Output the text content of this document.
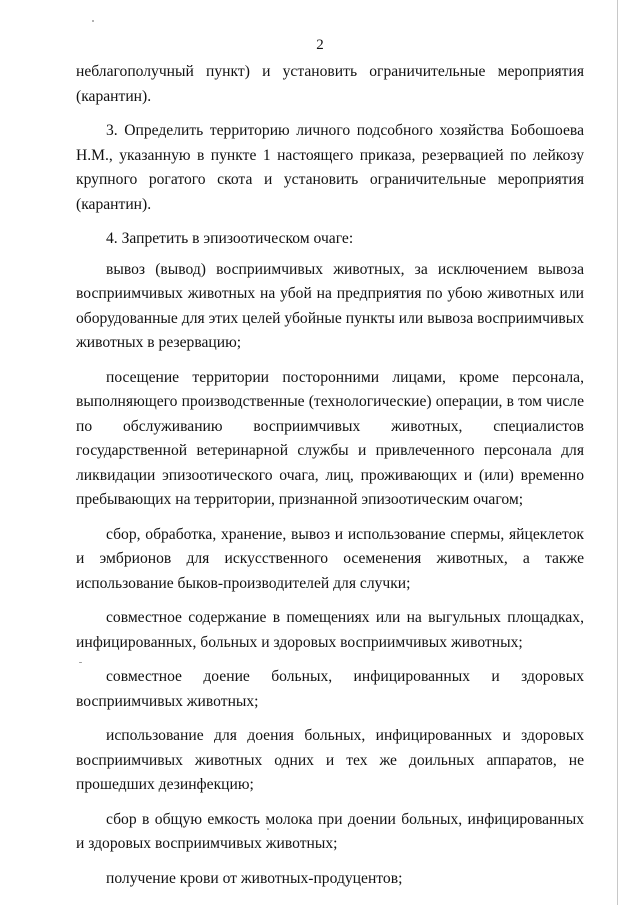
2

неблагополучный пункт) и установить ограничительные мероприятия (карантин).

3. Определить территорию личного подсобного хозяйства Бобошоева Н.М., указанную в пункте 1 настоящего приказа, резервацией по лейкозу крупного рогатого скота и установить ограничительные мероприятия (карантин).

4. Запретить в эпизоотическом очаге:

вывоз (вывод) восприимчивых животных, за исключением вывоза восприимчивых животных на убой на предприятия по убою животных или оборудованные для этих целей убойные пункты или вывоза восприимчивых животных в резервацию;

посещение территории посторонними лицами, кроме персонала, выполняющего производственные (технологические) операции, в том числе по обслуживанию восприимчивых животных, специалистов государственной ветеринарной службы и привлеченного персонала для ликвидации эпизоотического очага, лиц, проживающих и (или) временно пребывающих на территории, признанной эпизоотическим очагом;

сбор, обработка, хранение, вывоз и использование спермы, яйцеклеток и эмбрионов для искусственного осеменения животных, а также использование быков-производителей для случки;

совместное содержание в помещениях или на выгульных площадках, инфицированных, больных и здоровых восприимчивых животных;

совместное доение больных, инфицированных и здоровых восприимчивых животных;

использование для доения больных, инфицированных и здоровых восприимчивых животных одних и тех же доильных аппаратов, не прошедших дезинфекцию;

сбор в общую емкость молока при доении больных, инфицированных и здоровых восприимчивых животных;

получение крови от животных-продуцентов;
